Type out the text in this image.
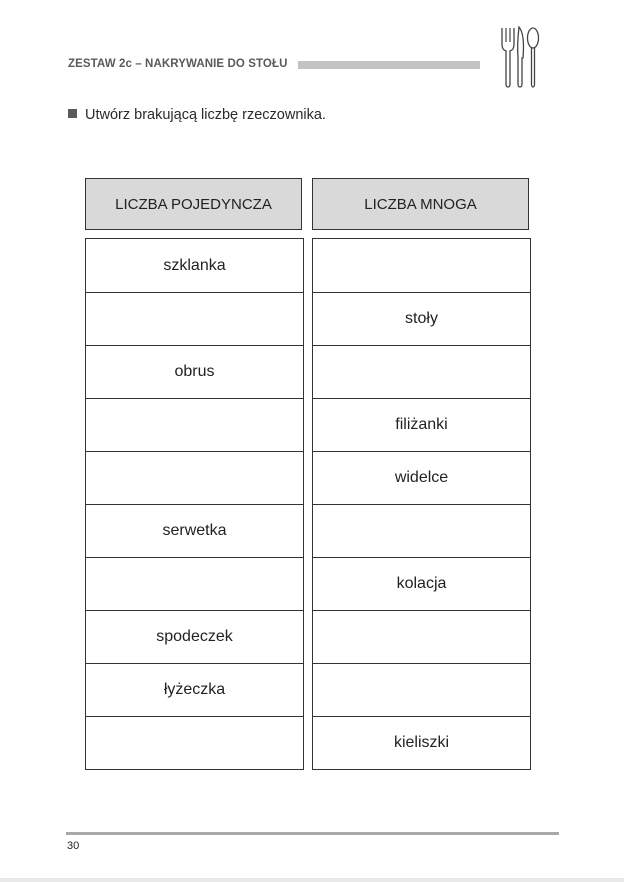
ZESTAW 2c – NAKRYWANIE DO STOŁU
Utwórz brakującą liczbę rzeczownika.
LICZBA POJEDYNCZA
szklanka
obrus
serwetka
spodeczek
łyżeczka
LICZBA MNOGA
stoły
filiżanki
widelce
kolacja
kieliszki
30
